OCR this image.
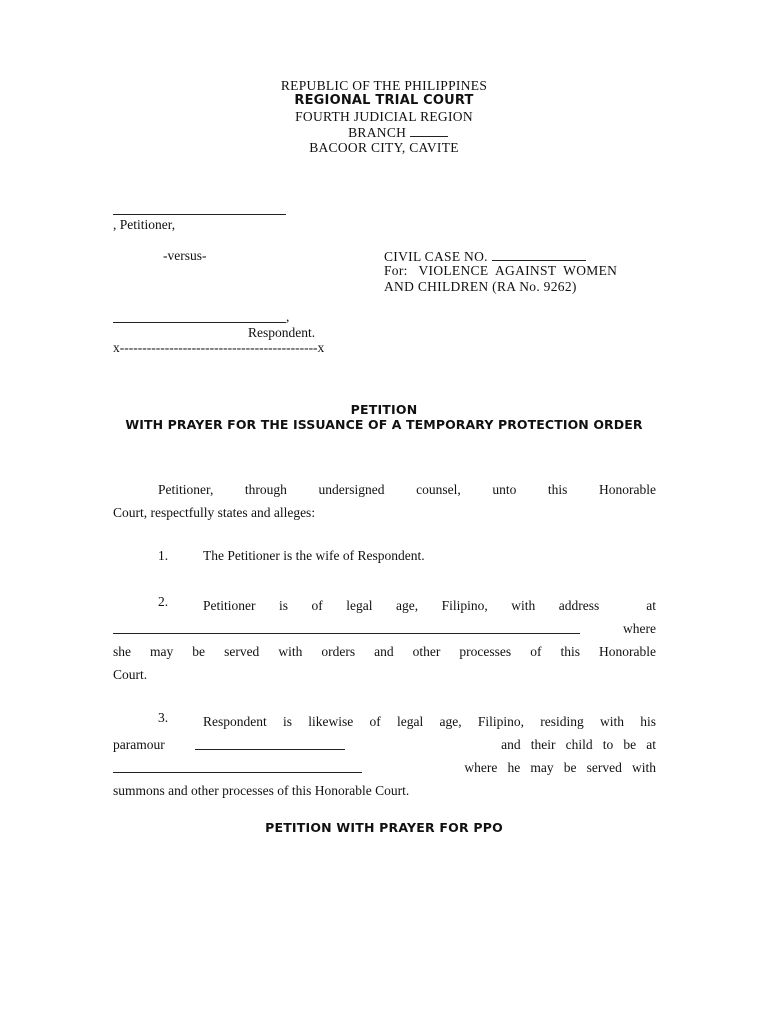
REPUBLIC OF THE PHILIPPINES
REGIONAL TRIAL COURT
FOURTH JUDICIAL REGION
BRANCH
BACOOR CITY, CAVITE
, Petitioner,
-versus-	CIVIL CASE NO.
For:   VIOLENCE  AGAINST  WOMEN
AND CHILDREN (RA No. 9262)
,
Respondent.
x--------------------------------------------x
PETITION
WITH PRAYER FOR THE ISSUANCE OF A TEMPORARY PROTECTION ORDER
Petitioner, through undersigned counsel, unto this Honorable
Court, respectfully states and alleges:
1.	The Petitioner is the wife of Respondent.
2.	Petitioner is of legal age, Filipino, with address  at
where
she may be served with orders and other processes of this Honorable
Court.
3.	Respondent is likewise of legal age, Filipino, residing with his
paramour	and   their   child   to   be   at
where   he   may   be   served   with
summons and other processes of this Honorable Court.
PETITION WITH PRAYER FOR PPO
